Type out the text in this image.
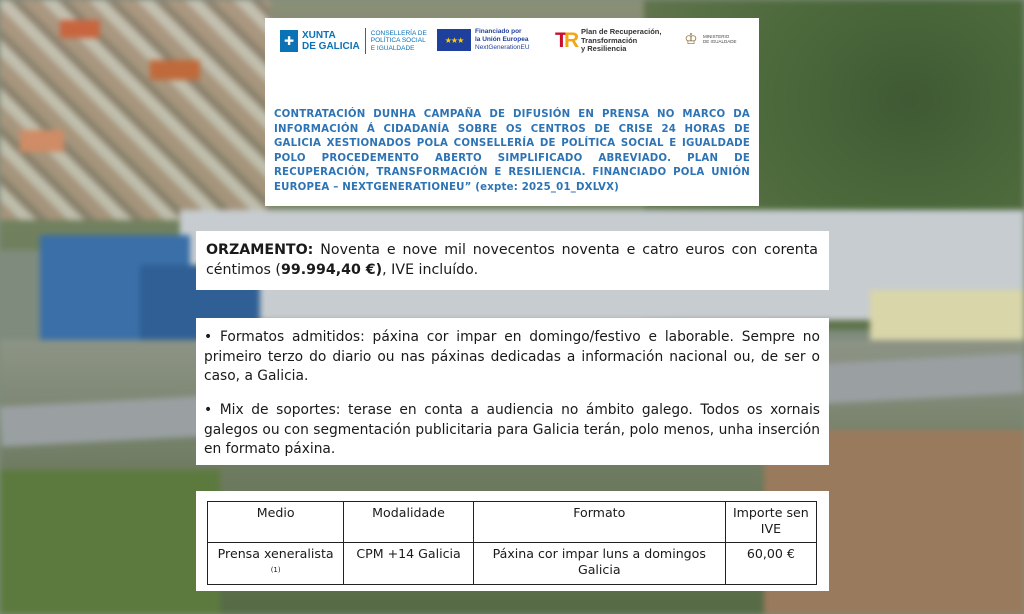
✚ XUNTA
DE GALICIA
CONSELLERÍA DE
POLÍTICA SOCIAL
E IGUALDADE
★★★
Financiado por
la Unión Europea
NextGenerationEU T
R Plan de Recuperación,
Transformación
y Resiliencia
♔	MINISTERIO
DE IGUALDADE
CONTRATACIÓN DUNHA CAMPAÑA DE DIFUSIÓN EN PRENSA NO MARCO DA INFORMACIÓN Á CIDADANÍA SOBRE OS CENTROS DE CRISE 24 HORAS DE GALICIA XESTIONADOS POLA CONSELLERÍA DE POLÍTICA SOCIAL E IGUALDADE POLO PROCEDEMENTO ABERTO SIMPLIFICADO ABREVIADO. PLAN DE RECUPERACIÓN, TRANSFORMACIÓN E RESILIENCIA. FINANCIADO POLA UNIÓN EUROPEA – NEXTGENERATIONEU” (expte: 2025_01_DXLVX)
ORZAMENTO: Noventa e nove mil novecentos noventa e catro euros con corenta céntimos (99.994,40 €), IVE incluído.
• Formatos admitidos: páxina cor impar en domingo/festivo e laborable. Sempre no primeiro terzo do diario ou nas páxinas dedicadas a información nacional ou, de ser o caso, a Galicia.
• Mix de soportes: terase en conta a audiencia no ámbito galego. Todos os xornais galegos ou con segmentación publicitaria para Galicia terán, polo menos, unha inserción en formato páxina.
Medio	Modalidade	Formato	Importe sen IVE
Prensa xeneralista $^{(1)}$	CPM +14 Galicia	Páxina cor impar luns a domingos Galicia	60,00 €
